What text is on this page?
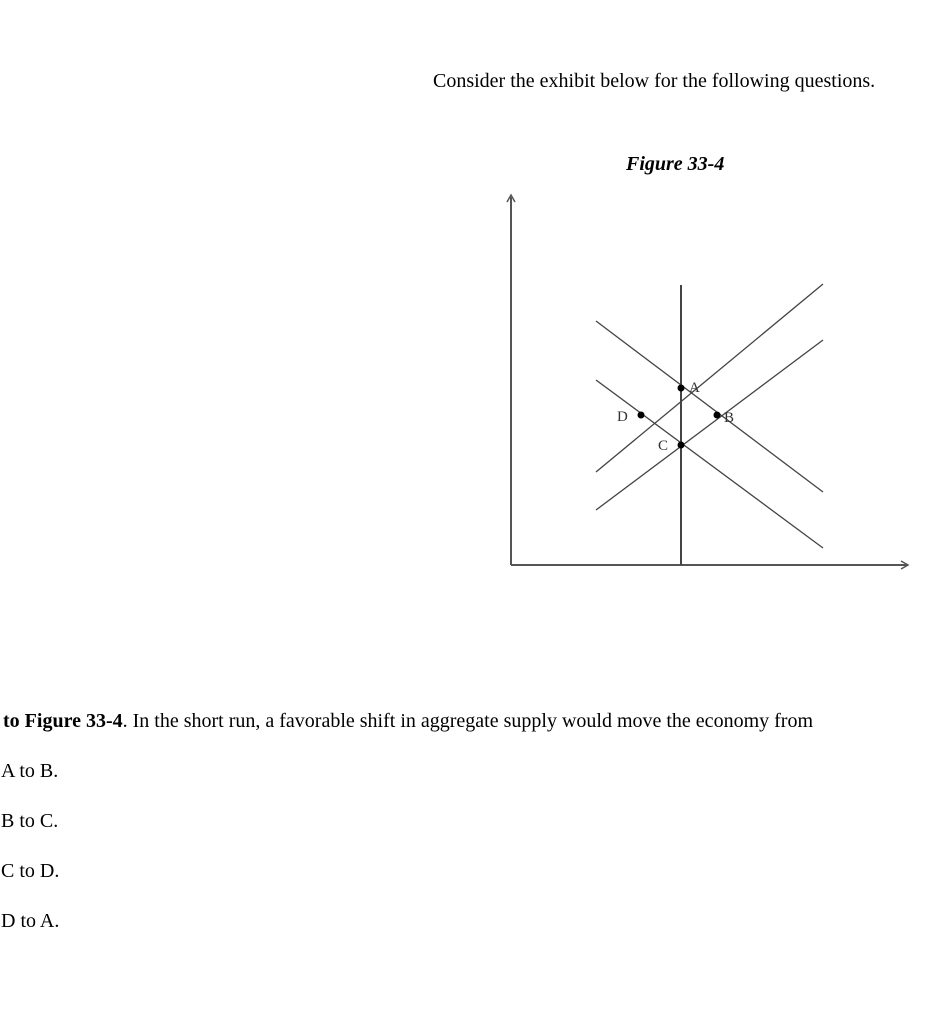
Consider the exhibit below for the following questions.
Figure 33-4
A
B
C
D
to Figure 33-4. In the short run, a favorable shift in aggregate supply would move the economy from
A to B.
B to C.
C to D.
D to A.
